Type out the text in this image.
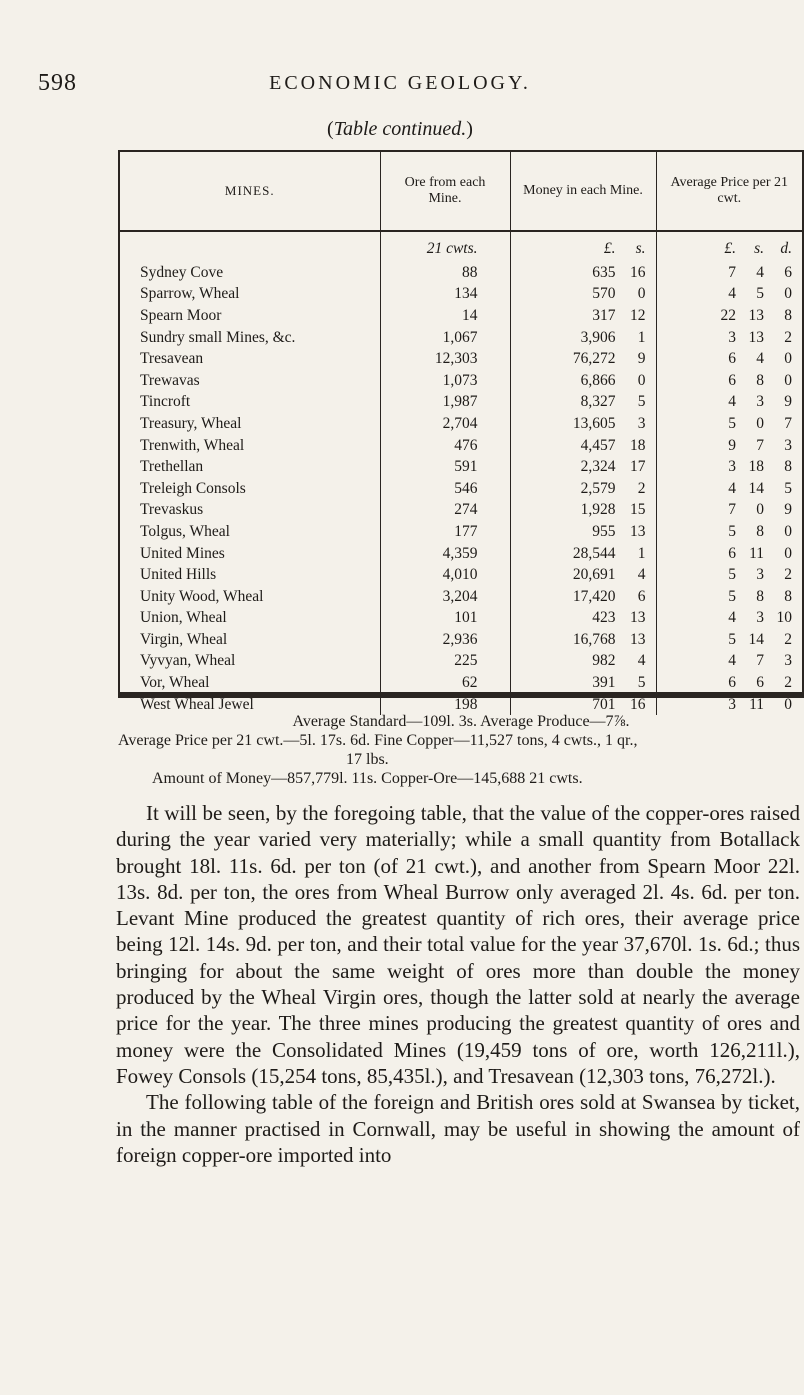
598	ECONOMIC GEOLOGY.
(Table continued.)
MINES.	Ore from each Mine.	Money in each Mine.	Average Price per 21 cwt.
	21 cwts.	£. s.	£. s. d.
Sydney Cove	88	635 16	7 4 6
Sparrow, Wheal	134	570 0	4 5 0
Spearn Moor	14	317 12	22 13 8
Sundry small Mines, &c.	1,067	3,906 1	3 13 2
Tresavean	12,303	76,272 9	6 4 0
Trewavas	1,073	6,866 0	6 8 0
Tincroft	1,987	8,327 5	4 3 9
Treasury, Wheal	2,704	13,605 3	5 0 7
Trenwith, Wheal	476	4,457 18	9 7 3
Trethellan	591	2,324 17	3 18 8
Treleigh Consols	546	2,579 2	4 14 5
Trevaskus	274	1,928 15	7 0 9
Tolgus, Wheal	177	955 13	5 8 0
United Mines	4,359	28,544 1	6 11 0
United Hills	4,010	20,691 4	5 3 2
Unity Wood, Wheal	3,204	17,420 6	5 8 8
Union, Wheal	101	423 13	4 3 10
Virgin, Wheal	2,936	16,768 13	5 14 2
Vyvyan, Wheal	225	982 4	4 7 3
Vor, Wheal	62	391 5	6 6 2
West Wheal Jewel	198	701 16	3 11 0

Average Standard—109l. 3s. Average Produce—7⅞.

Average Price per 21 cwt.—5l. 17s. 6d. Fine Copper—11,527 tons, 4 cwts., 1 qr.,

17 lbs.

Amount of Money—857,779l. 11s. Copper-Ore—145,688 21 cwts.

It will be seen, by the foregoing table, that the value of the copper-ores raised during the year varied very materially; while a small quantity from Botallack brought 18l. 11s. 6d. per ton (of 21 cwt.), and another from Spearn Moor 22l. 13s. 8d. per ton, the ores from Wheal Burrow only averaged 2l. 4s. 6d. per ton. Levant Mine produced the greatest quantity of rich ores, their average price being 12l. 14s. 9d. per ton, and their total value for the year 37,670l. 1s. 6d.; thus bringing for about the same weight of ores more than double the money produced by the Wheal Virgin ores, though the latter sold at nearly the average price for the year. The three mines producing the greatest quantity of ores and money were the Consolidated Mines (19,459 tons of ore, worth 126,211l.), Fowey Consols (15,254 tons, 85,435l.), and Tresavean (12,303 tons, 76,272l.).

The following table of the foreign and British ores sold at Swansea by ticket, in the manner practised in Cornwall, may be useful in showing the amount of foreign copper-ore imported into
